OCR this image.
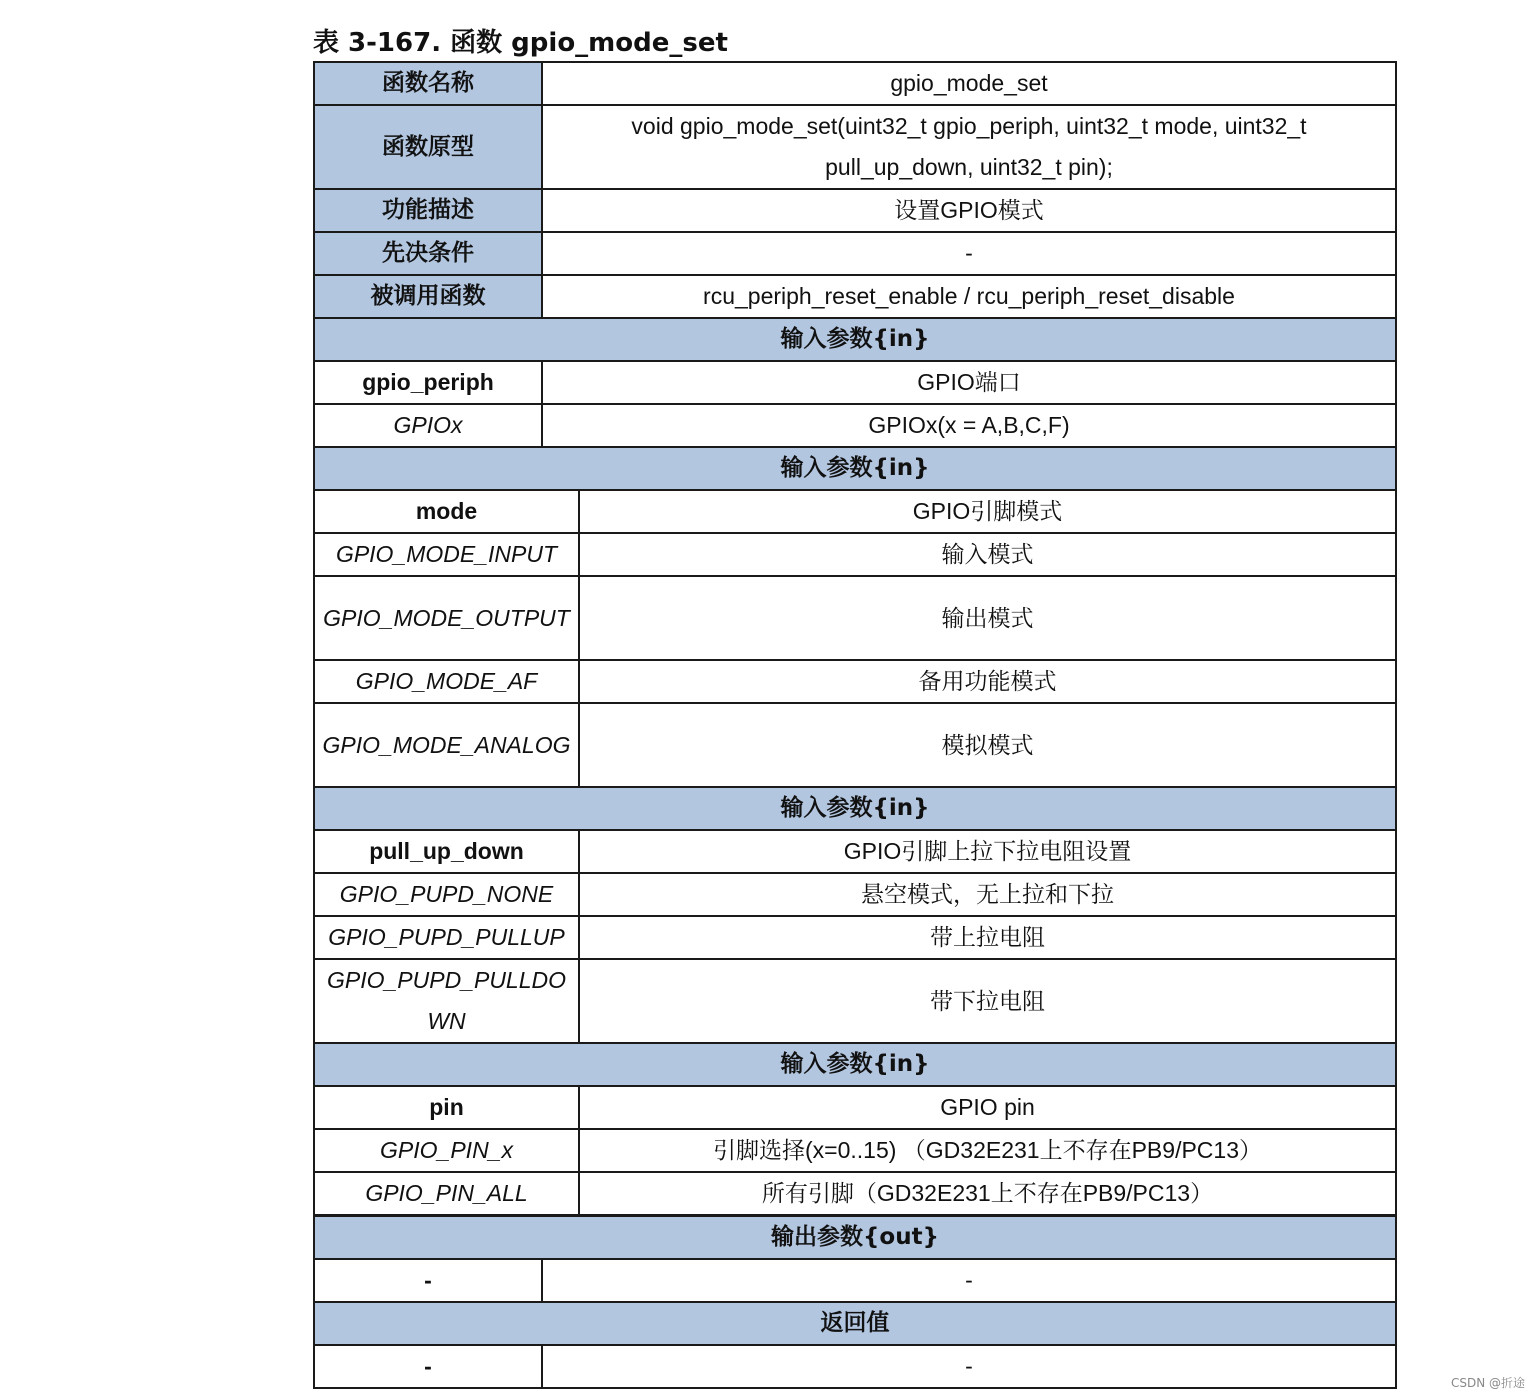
表 3-167. 函数 gpio_mode_set
函数名称	gpio_mode_set
函数原型	void gpio_mode_set(uint32_t gpio_periph, uint32_t mode, uint32_t pull_up_down, uint32_t pin);
功能描述	设置GPIO模式
先决条件	-
被调用函数	rcu_periph_reset_enable / rcu_periph_reset_disable
输入参数{in}	
gpio_periph	GPIO端口
GPIOx	GPIOx(x = A,B,C,F)
输入参数{in}	
mode	GPIO引脚模式
GPIO_MODE_INPUT	输入模式
GPIO_MODE_OUTPUT	输出模式
GPIO_MODE_AF	备用功能模式
GPIO_MODE_ANALOG	模拟模式
输入参数{in}	
pull_up_down	GPIO引脚上拉下拉电阻设置
GPIO_PUPD_NONE	悬空模式，无上拉和下拉
GPIO_PUPD_PULLUP	带上拉电阻
GPIO_PUPD_PULLDOWN	带下拉电阻
输入参数{in}	
pin	GPIO pin
GPIO_PIN_x	引脚选择(x=0..15) （GD32E231上不存在PB9/PC13）
GPIO_PIN_ALL	所有引脚（GD32E231上不存在PB9/PC13）
输出参数{out}	
-	-
返回值	
-	-
CSDN @折途
